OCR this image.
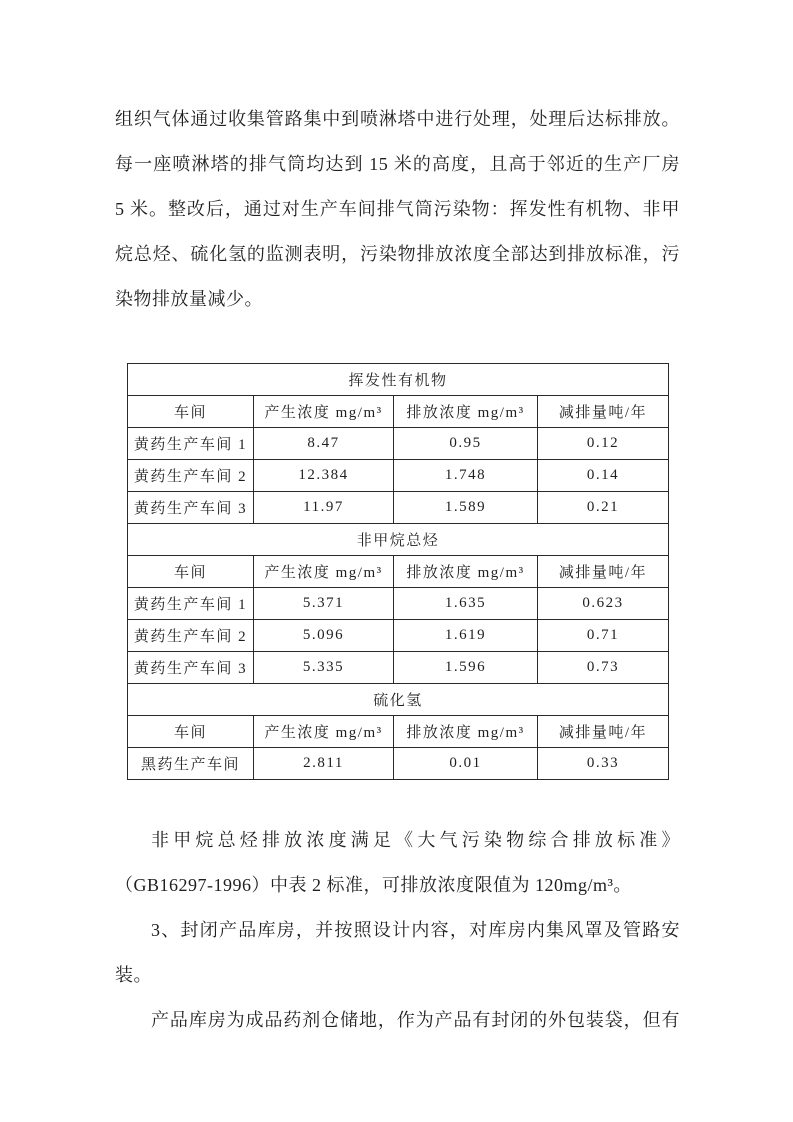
组织气体通过收集管路集中到喷淋塔中进行处理，处理后达标排放。
每一座喷淋塔的排气筒均达到 15 米的高度，且高于邻近的生产厂房
5 米。整改后，通过对生产车间排气筒污染物：挥发性有机物、非甲
烷总烃、硫化氢的监测表明，污染物排放浓度全部达到排放标准，污
染物排放量减少。
挥发性有机物			
车间	产生浓度 mg/m³	排放浓度 mg/m³	减排量吨/年
黄药生产车间 1	8.47	0.95	0.12
黄药生产车间 2	12.384	1.748	0.14
黄药生产车间 3	11.97	1.589	0.21
非甲烷总烃			
车间	产生浓度 mg/m³	排放浓度 mg/m³	减排量吨/年
黄药生产车间 1	5.371	1.635	0.623
黄药生产车间 2	5.096	1.619	0.71
黄药生产车间 3	5.335	1.596	0.73
硫化氢			
车间	产生浓度 mg/m³	排放浓度 mg/m³	减排量吨/年
黑药生产车间	2.811	0.01	0.33
非甲烷总烃排放浓度满足《大气污染物综合排放标准》
（GB16297-1996）中表 2 标准，可排放浓度限值为 120mg/m³。
3、封闭产品库房，并按照设计内容，对库房内集风罩及管路安
装。
产品库房为成品药剂仓储地，作为产品有封闭的外包装袋，但有
